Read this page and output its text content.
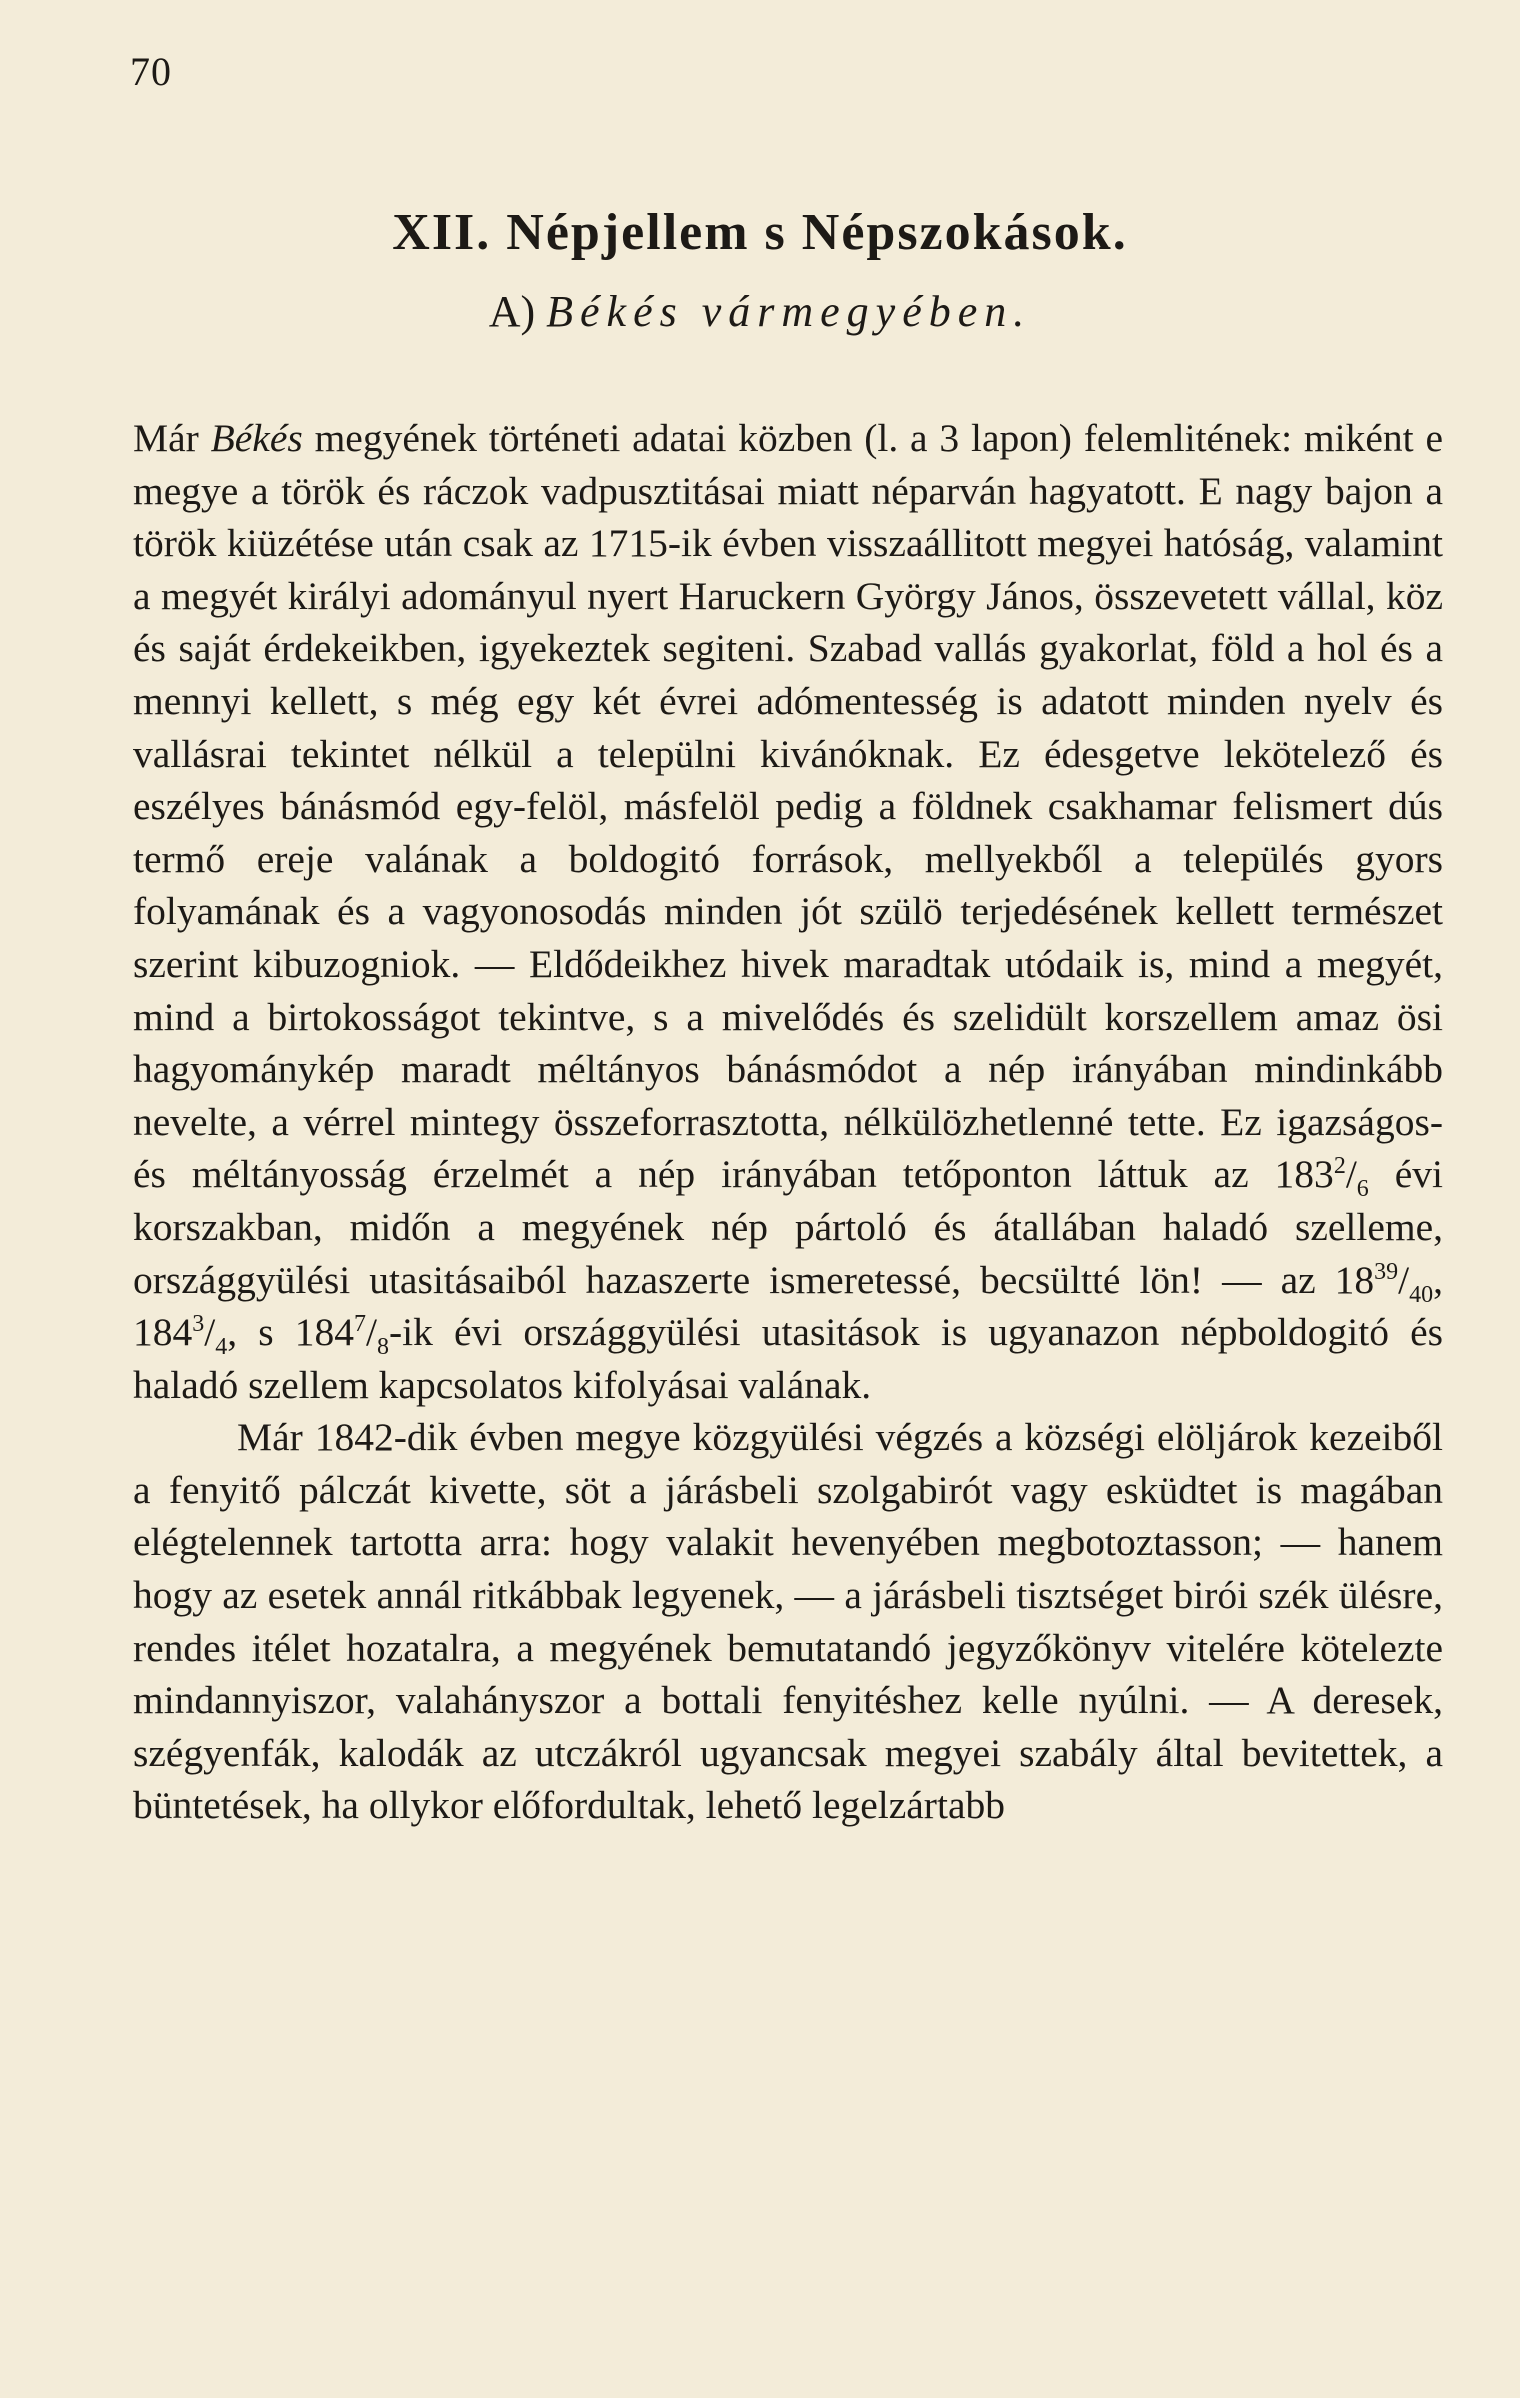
70
XII. Népjellem s Népszokások.
A) Békés vármegyében.

Már Békés megyének történeti adatai közben (l. a 3 lapon) felemlitének: miként e megye a török és ráczok vadpusztitásai miatt néparván hagyatott. E nagy bajon a török kiüzétése után csak az 1715-ik évben visszaállitott megyei hatóság, valamint a megyét királyi adományul nyert Haruckern György János, összevetett vállal, köz és saját érdekeikben, igyekeztek segiteni. Szabad vallás gyakorlat, föld a hol és a mennyi kellett, s még egy két évrei adómentesség is adatott minden nyelv és vallásrai tekintet nélkül a települni kivánóknak. Ez édesgetve lekötelező és eszélyes bánásmód egy-felöl, másfelöl pedig a földnek csakhamar felismert dús termő ereje valának a boldogitó források, mellyekből a település gyors folyamának és a vagyonosodás minden jót szülö terjedésének kellett természet szerint kibuzogniok. — Eldődeikhez hivek maradtak utódaik is, mind a megyét, mind a birtokosságot tekintve, s a mivelődés és szelidült korszellem amaz ösi hagyománykép maradt méltányos bánásmódot a nép irányában mindinkább nevelte, a vérrel mintegy összeforrasztotta, nélkülözhetlenné tette. Ez igazságos- és méltányosság érzelmét a nép irányában tetőponton láttuk az $183^2/_6$ évi korszakban, midőn a megyének nép pártoló és átallában haladó szelleme, országgyülési utasitásaiból hazaszerte ismeretessé, becsültté lön! — az $18^{39}/_{40}$, $184^3/_4$, s $184^7/_8-ik$ évi országgyülési utasitások is ugyanazon népboldogitó és haladó szellem kapcsolatos kifolyásai valának.

Már 1842-dik évben megye közgyülési végzés a községi elöljárok kezeiből a fenyitő pálczát kivette, söt a járásbeli szolgabirót vagy esküdtet is magában elégtelennek tartotta arra: hogy valakit hevenyében megbotoztasson; — hanem hogy az esetek annál ritkábbak legyenek, — a járásbeli tisztséget birói szék ülésre, rendes itélet hozatalra, a megyének bemutatandó jegyzőkönyv vitelére kötelezte mindannyiszor, valahányszor a bottali fenyitéshez kelle nyúlni. — A deresek, szégyenfák, kalodák az utczákról ugyancsak megyei szabály által bevitettek, a büntetések, ha ollykor előfordultak, lehető legelzártabb
